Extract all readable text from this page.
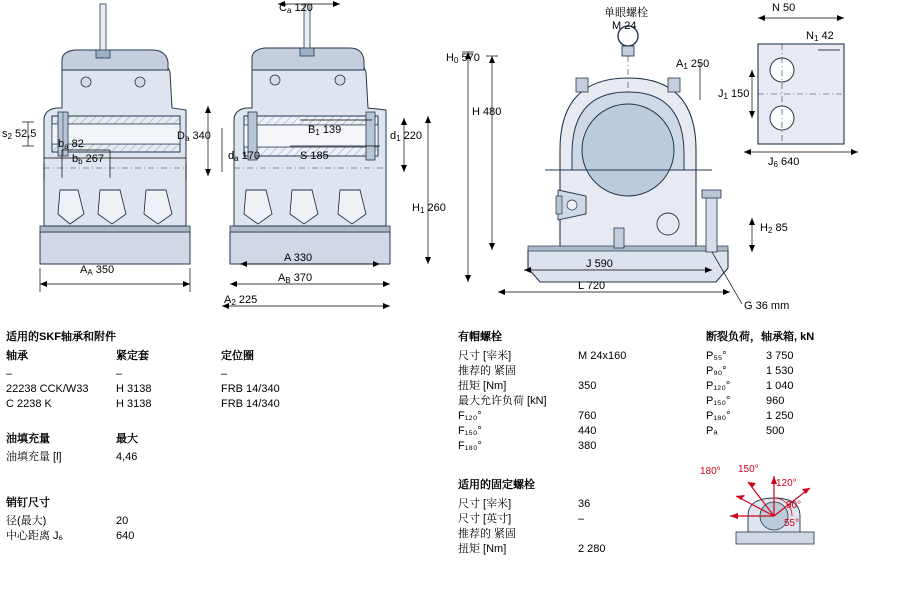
$s_2$ 52,5
$b_a$ 82
$b_b$ 267
$A_A$ 350
$C_a$ 120
$D_a$ 340
$d_a$ 170
$B_1$ 139
S 185
$d_1$ 220
$H_1$ 260
A 330
$A_B$ 370
$A_2$ 225
单眼螺栓
M 24
$H_0$ 570
H 480
$A_1$ 250
$H_2$ 85
J 590
L 720
G 36 mm
N 50
$N_1$ 42
$J_1$ 150
$J_6$ 640
适用的SKF轴承和附件
轴承	紧定套	定位圈
–	–	–
22238 CCK/W33	H 3138	FRB 14/340
C 2238 K	H 3138	FRB 14/340
油填充量	最大
油填充量 [l]	4,46
销钉尺寸
径(最大)	20
中心距离 J₆	640
有帽螺栓
尺寸 [宰米]	M 24x160
推荐的 紧固
扭矩 [Nm]	350
最大允许负荷 [kN]
F₁₂₀°	760
F₁₅₀°	440
F₁₈₀°	380
适用的固定螺栓
尺寸 [宰米]	36
尺寸 [英寸]	–
推荐的 紧固
扭矩 [Nm]	2 280
断裂负荷，轴承箱, kN
P₅₅°	3 750
P₉₀°	1 530
P₁₂₀°	1 040
P₁₅₀°	960
P₁₈₀°	1 250
Pₐ	500
180° 150°
120°
90°
55°
